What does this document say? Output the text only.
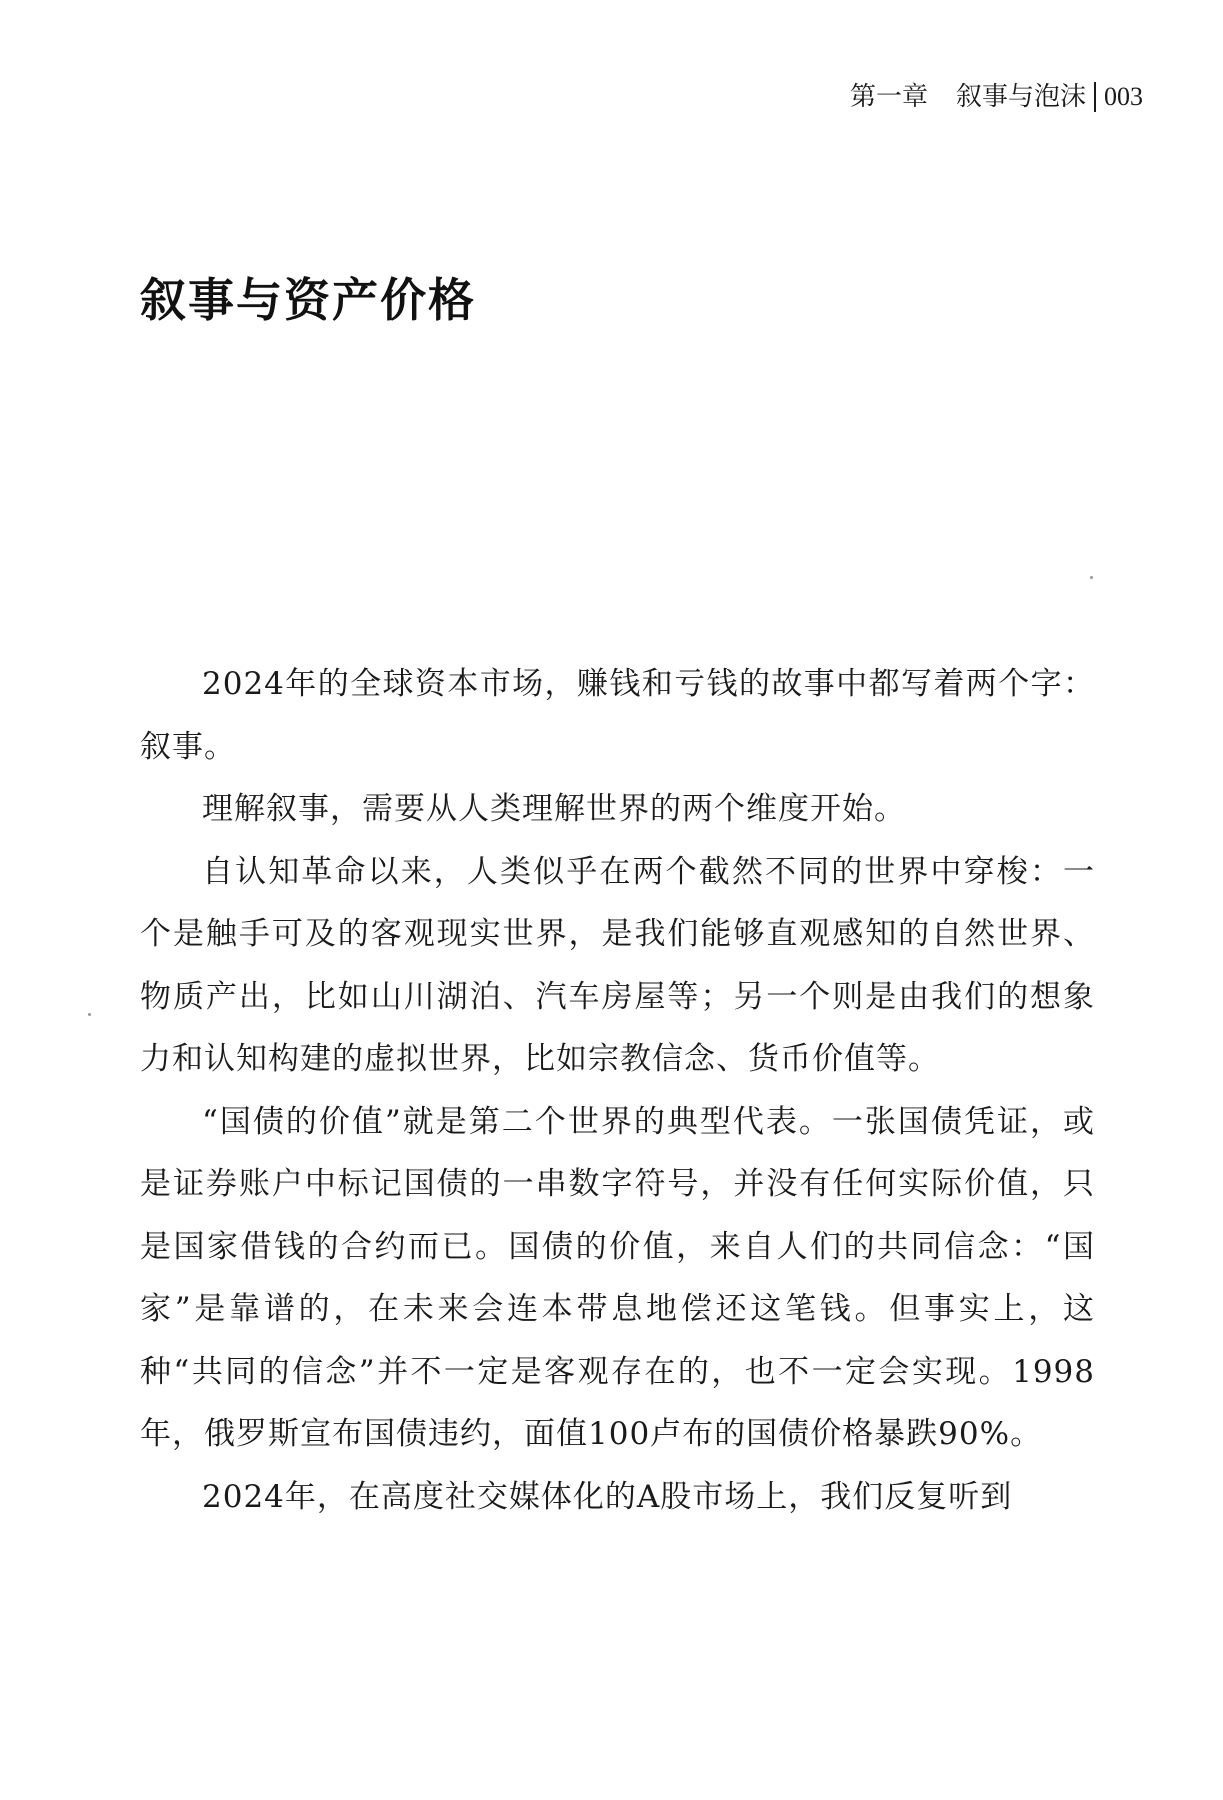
第一章 叙事与泡沫 003
叙事与资产价格

2024年的全球资本市场，赚钱和亏钱的故事中都写着两个字：叙事。

理解叙事，需要从人类理解世界的两个维度开始。

自认知革命以来，人类似乎在两个截然不同的世界中穿梭：一个是触手可及的客观现实世界，是我们能够直观感知的自然世界、物质产出，比如山川湖泊、汽车房屋等；另一个则是由我们的想象力和认知构建的虚拟世界，比如宗教信念、货币价值等。

“国债的价值”就是第二个世界的典型代表。一张国债凭证，或是证券账户中标记国债的一串数字符号，并没有任何实际价值，只是国家借钱的合约而已。国债的价值，来自人们的共同信念：“国家”是靠谱的，在未来会连本带息地偿还这笔钱。但事实上，这种“共同的信念”并不一定是客观存在的，也不一定会实现。1998年，俄罗斯宣布国债违约，面值100卢布的国债价格暴跌90%。

2024年，在高度社交媒体化的A股市场上，我们反复听到
